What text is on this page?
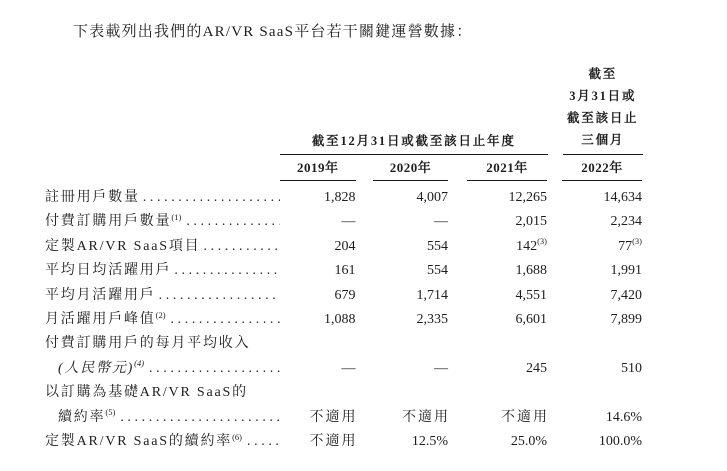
下表載列出我們的AR/VR SaaS平台若干關鍵運營數據：
截至12月31日或截至該日止年度
截至
3月31日或
截至該日止
三個月
2019年	2020年	2021年	2022年
註冊用戶數量 .....	1,828	4,007	12,265	14,634
付費訂購用戶數量 (1) .....	—	—	2,015	2,234
定製AR/VR SaaS項目 .....	204	554	142$^{(3)}$	77$^{(3)}$
平均日均活躍用戶 .....	161	554	1,688	1,991
平均月活躍用戶 .....	679	1,714	4,551	7,420
月活躍用戶峰值 (2) .....	1,088	2,335	6,601	7,899
付費訂購用戶的每月平均收入
(人民幣元) (4) .....	—	—	245	510
以訂購為基礎AR/VR SaaS的
續約率 (5) .....	不適用	不適用	不適用	14.6%
定製AR/VR SaaS的續約率 (6) .....	不適用	12.5%	25.0%	100.0%
